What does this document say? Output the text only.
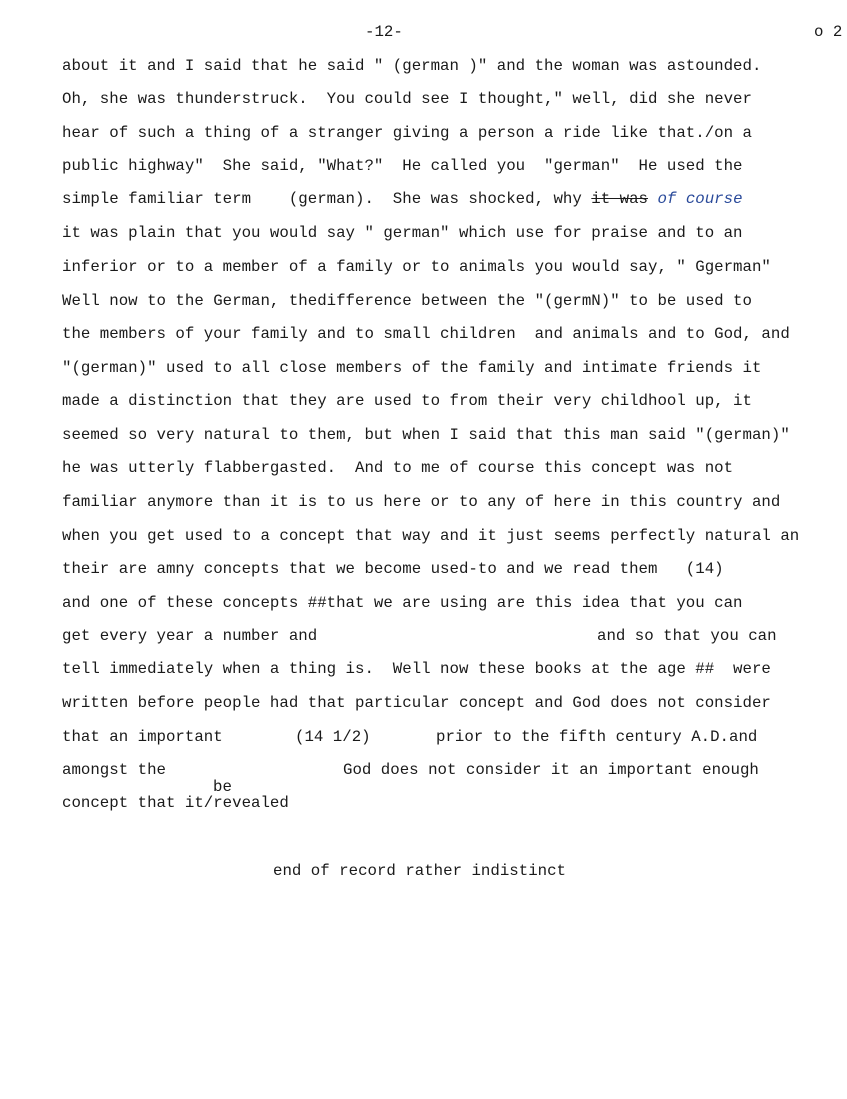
-12-	o 2
about it and I said that he said " (german )" and the woman was astounded.
Oh, she was thunderstruck.  You could see I thought," well, did she never
hear of such a thing of a stranger giving a person a ride like that./on a
public highway"  She said, "What?"  He called you  "german"  He used the
simple familiar term    (german).  She was shocked, why it was of course
it was plain that you would say " german" which use for praise and to an
inferior or to a member of a family or to animals you would say, " Ggerman"
Well now to the German, thedifference between the "(germN)" to be used to
the members of your family and to small children  and animals and to God, and
"(german)" used to all close members of the family and intimate friends it
made a distinction that they are used to from their very childhool up, it
seemed so very natural to them, but when I said that this man said "(german)"
he was utterly flabbergasted.  And to me of course this concept was not
familiar anymore than it is to us here or to any of here in this country and
when you get used to a concept that way and it just seems perfectly natural an
their are amny concepts that we become used-to and we read them   (14)
and one of these concepts ##that we are using are this idea that you can
get every year a number and	and so that you can
tell immediately when a thing is.  Well now these books at the age ##  were
written before people had that particular concept and God does not consider
that an important	(14 1/2)	prior to the fifth century A.D.and
amongst the	God does not consider it an important enough
be
concept that it/revealed
end of record rather indistinct
